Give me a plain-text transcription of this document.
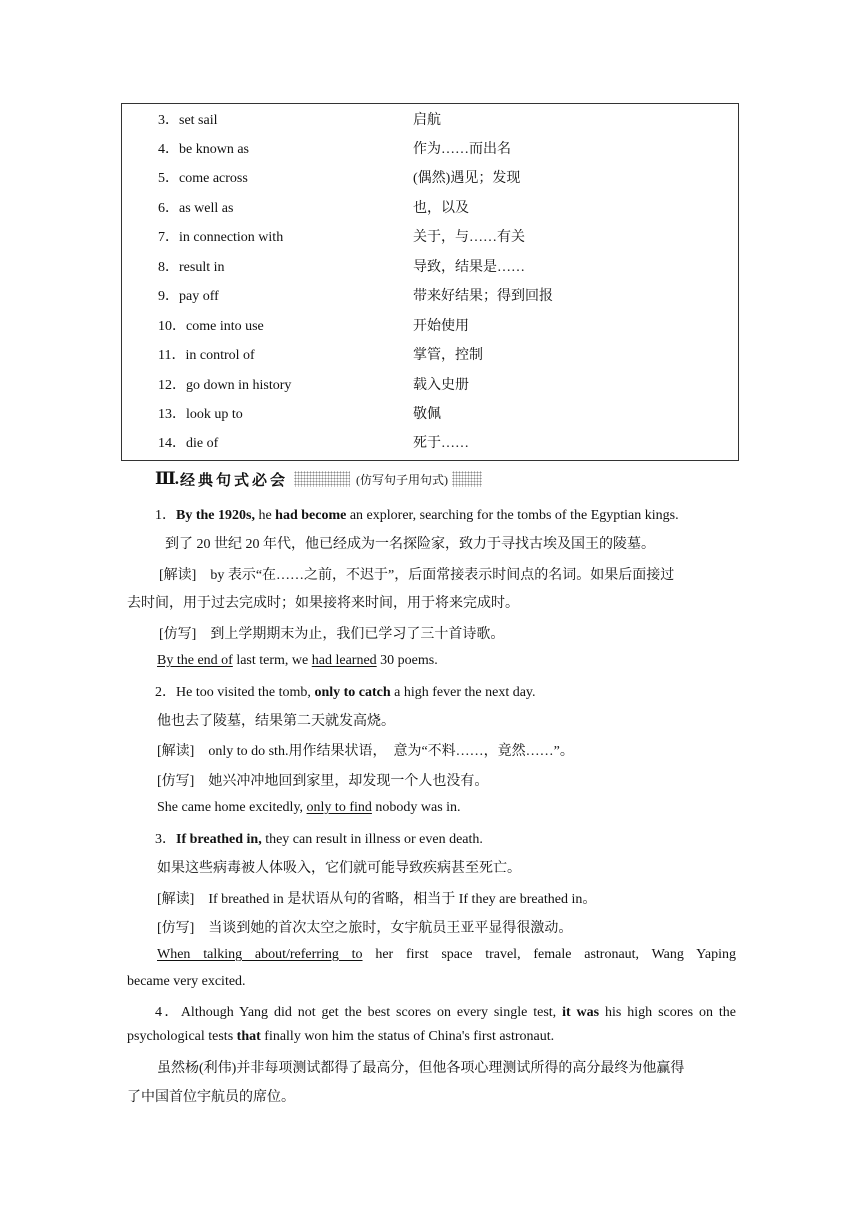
3．set sail	启航
4．be known as	作为……而出名
5．come across	(偶然)遇见；发现
6．as well as	也，以及
7．in connection with	关于，与……有关
8．result in	导致，结果是……
9．pay off	带来好结果；得到回报
10．come into use	开始使用
11．in control of	掌管，控制
12．go down in history	载入史册
13．look up to	敬佩
14．die of	死于……
Ⅲ. 经典句式必会	(仿写句子用句式)
1．By the 1920s, he had become an explorer, searching for the tombs of the Egyptian kings.
到了 20 世纪 20 年代，他已经成为一名探险家，致力于寻找古埃及国王的陵墓。
[解读]　by 表示“在……之前，不迟于”，后面常接表示时间点的名词。如果后面接过
去时间，用于过去完成时；如果接将来时间，用于将来完成时。
[仿写]　到上学期期末为止，我们已学习了三十首诗歌。
By the end of last term, we had learned 30 poems.
2．He too visited the tomb, only to catch a high fever the next day.
他也去了陵墓，结果第二天就发高烧。
[解读]　only to do sth.用作结果状语，　意为“不料……，竟然……”。
[仿写]　她兴冲冲地回到家里，却发现一个人也没有。
She came home excitedly, only to find nobody was in.
3．If breathed in, they can result in illness or even death.
如果这些病毒被人体吸入，它们就可能导致疾病甚至死亡。
[解读]　If breathed in 是状语从句的省略，相当于 If they are breathed in。
[仿写]　当谈到她的首次太空之旅时，女宇航员王亚平显得很激动。
When talking about/referring to her first space travel, female astronaut, Wang Yaping
became very excited.
4．Although Yang did not get the best scores on every single test, it was his high scores on the
psychological tests that finally won him the status of China's first astronaut.
虽然杨(利伟)并非每项测试都得了最高分，但他各项心理测试所得的高分最终为他赢得
了中国首位宇航员的席位。
